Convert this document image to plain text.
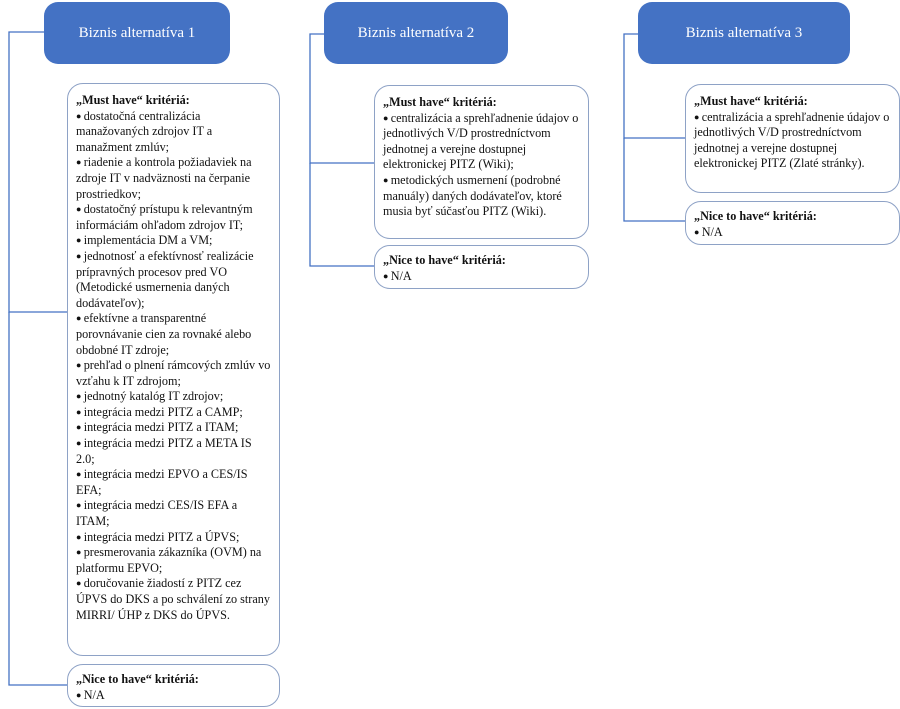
Biznis alternatíva 1
„Must have“ kritériá:
● dostatočná centralizácia manažovaných zdrojov IT a manažment zmlúv;
● riadenie a kontrola požiadaviek na zdroje IT v nadväznosti na čerpanie prostriedkov;
● dostatočný prístupu k relevantným informáciám ohľadom zdrojov IT;
● implementácia DM a VM;
● jednotnosť a efektívnosť realizácie prípravných procesov pred VO (Metodické usmernenia daných dodávateľov);
● efektívne a transparentné porovnávanie cien za rovnaké alebo obdobné IT zdroje;
● prehľad o plnení rámcových zmlúv vo vzťahu k IT zdrojom;
● jednotný katalóg IT zdrojov;
● integrácia medzi PITZ a CAMP;
● integrácia medzi PITZ a ITAM;
● integrácia medzi PITZ a META IS 2.0;
● integrácia medzi EPVO a CES/IS EFA;
● integrácia medzi CES/IS EFA a ITAM;
● integrácia medzi PITZ a ÚPVS;
● presmerovania zákazníka (OVM) na platformu EPVO;
● doručovanie žiadostí z PITZ cez ÚPVS do DKS a po schválení zo strany MIRRI/ ÚHP z DKS do ÚPVS.
„Nice to have“ kritériá:
● N/A
Biznis alternatíva 2
„Must have“ kritériá:
● centralizácia a sprehľadnenie údajov o jednotlivých V/D prostredníctvom jednotnej a verejne dostupnej elektronickej PITZ (Wiki);
● metodických usmernení (podrobné manuály) daných dodávateľov, ktoré musia byť súčasťou PITZ (Wiki).
„Nice to have“ kritériá:
● N/A
Biznis alternatíva 3
„Must have“ kritériá:
● centralizácia a sprehľadnenie údajov o jednotlivých V/D prostredníctvom jednotnej a verejne dostupnej elektronickej PITZ (Zlaté stránky).
„Nice to have“ kritériá:
● N/A
